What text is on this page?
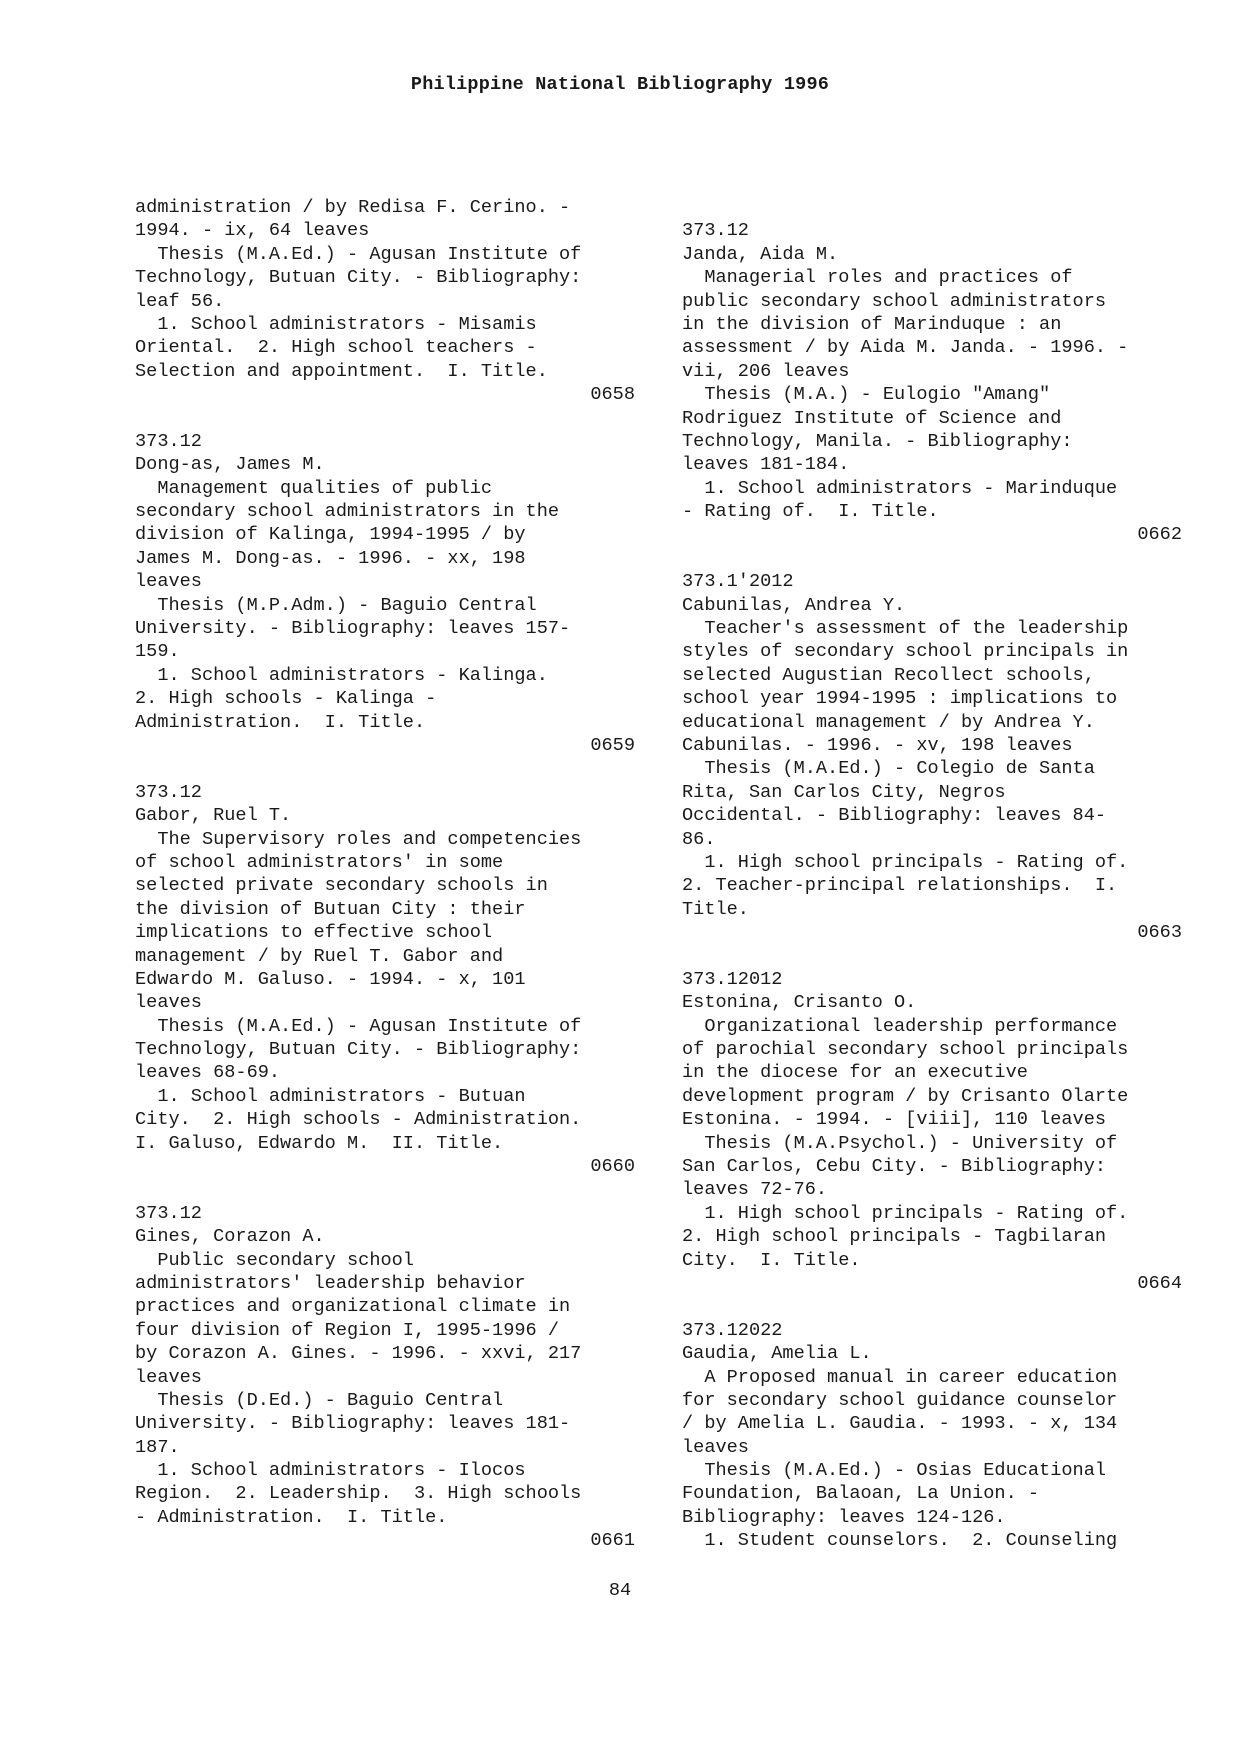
Philippine National Bibliography 1996
administration / by Redisa F. Cerino. -
1994. - ix, 64 leaves
Thesis (M.A.Ed.) - Agusan Institute of
Technology, Butuan City. - Bibliography:
leaf 56.
1. School administrators - Misamis
Oriental.  2. High school teachers -
Selection and appointment.  I. Title.
0658
373.12
Dong-as, James M.
Management qualities of public
secondary school administrators in the
division of Kalinga, 1994-1995 / by
James M. Dong-as. - 1996. - xx, 198
leaves
Thesis (M.P.Adm.) - Baguio Central
University. - Bibliography: leaves 157-
159.
1. School administrators - Kalinga.
2. High schools - Kalinga -
Administration.  I. Title.
0659
373.12
Gabor, Ruel T.
The Supervisory roles and competencies
of school administrators' in some
selected private secondary schools in
the division of Butuan City : their
implications to effective school
management / by Ruel T. Gabor and
Edwardo M. Galuso. - 1994. - x, 101
leaves
Thesis (M.A.Ed.) - Agusan Institute of
Technology, Butuan City. - Bibliography:
leaves 68-69.
1. School administrators - Butuan
City.  2. High schools - Administration.
I. Galuso, Edwardo M.  II. Title.
0660
373.12
Gines, Corazon A.
Public secondary school
administrators' leadership behavior
practices and organizational climate in
four division of Region I, 1995-1996 /
by Corazon A. Gines. - 1996. - xxvi, 217
leaves
Thesis (D.Ed.) - Baguio Central
University. - Bibliography: leaves 181-
187.
1. School administrators - Ilocos
Region.  2. Leadership.  3. High schools
- Administration.  I. Title.
0661
373.12
Janda, Aida M.
Managerial roles and practices of
public secondary school administrators
in the division of Marinduque : an
assessment / by Aida M. Janda. - 1996. -
vii, 206 leaves
Thesis (M.A.) - Eulogio "Amang"
Rodriguez Institute of Science and
Technology, Manila. - Bibliography:
leaves 181-184.
1. School administrators - Marinduque
- Rating of.  I. Title.
0662
373.1'2012
Cabunilas, Andrea Y.
Teacher's assessment of the leadership
styles of secondary school principals in
selected Augustian Recollect schools,
school year 1994-1995 : implications to
educational management / by Andrea Y.
Cabunilas. - 1996. - xv, 198 leaves
Thesis (M.A.Ed.) - Colegio de Santa
Rita, San Carlos City, Negros
Occidental. - Bibliography: leaves 84-
86.
1. High school principals - Rating of.
2. Teacher-principal relationships.  I.
Title.
0663
373.12012
Estonina, Crisanto O.
Organizational leadership performance
of parochial secondary school principals
in the diocese for an executive
development program / by Crisanto Olarte
Estonina. - 1994. - [viii], 110 leaves
Thesis (M.A.Psychol.) - University of
San Carlos, Cebu City. - Bibliography:
leaves 72-76.
1. High school principals - Rating of.
2. High school principals - Tagbilaran
City.  I. Title.
0664
373.12022
Gaudia, Amelia L.
A Proposed manual in career education
for secondary school guidance counselor
/ by Amelia L. Gaudia. - 1993. - x, 134
leaves
Thesis (M.A.Ed.) - Osias Educational
Foundation, Balaoan, La Union. -
Bibliography: leaves 124-126.
1. Student counselors.  2. Counseling
84
